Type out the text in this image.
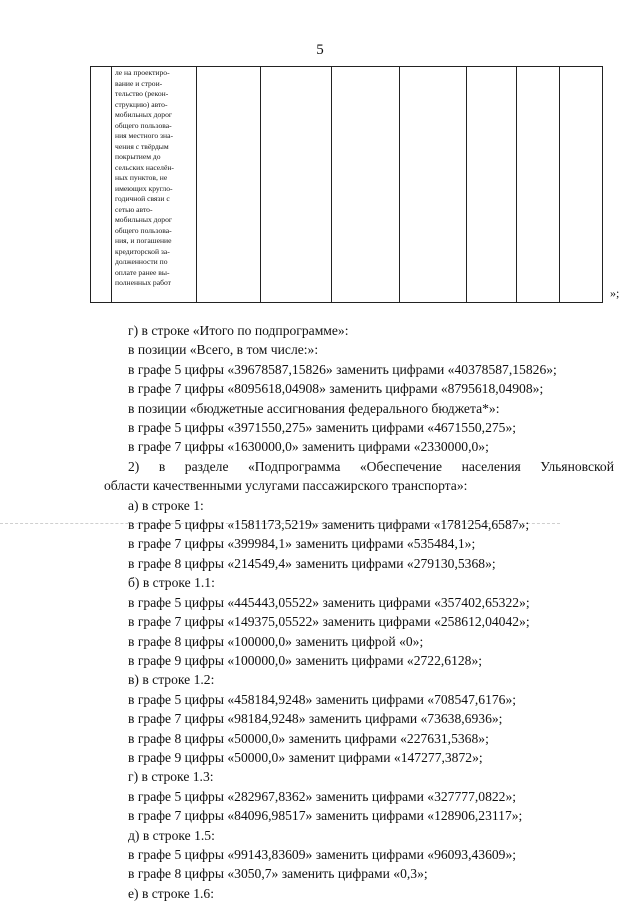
5

ле на проектиро-
вание и строи-
тельство (рекон-
струкцию) авто-
мобильных дорог
общего пользова-
ния местного зна-
чения с твёрдым
покрытием до
сельских населён-
ных пунктов, не
имеющих кругло-
годичной связи с
сетью авто-
мобильных дорог
общего пользова-
ния, и погашение
кредиторской за-
долженности по
оплате ранее вы-
полненных работ

»;
г) в строке «Итого по подпрограмме»:
в позиции «Всего, в том числе:»:
в графе 5 цифры «39678587,15826» заменить цифрами «40378587,15826»;
в графе 7 цифры «8095618,04908» заменить цифрами «8795618,04908»;
в позиции «бюджетные ассигнования федерального бюджета*»:
в графе 5 цифры «3971550,275» заменить цифрами «4671550,275»;
в графе 7 цифры «1630000,0» заменить цифрами «2330000,0»;
2) в разделе «Подпрограмма «Обеспечение населения Ульяновской
области качественными услугами пассажирского транспорта»:
а) в строке 1:
в графе 5 цифры «1581173,5219» заменить цифрами «1781254,6587»;
в графе 7 цифры «399984,1» заменить цифрами «535484,1»;
в графе 8 цифры «214549,4» заменить цифрами «279130,5368»;
б) в строке 1.1:
в графе 5 цифры «445443,05522» заменить цифрами «357402,65322»;
в графе 7 цифры «149375,05522» заменить цифрами «258612,04042»;
в графе 8 цифры «100000,0» заменить цифрой «0»;
в графе 9 цифры «100000,0» заменить цифрами «2722,6128»;
в) в строке 1.2:
в графе 5 цифры «458184,9248» заменить цифрами «708547,6176»;
в графе 7 цифры «98184,9248» заменить цифрами «73638,6936»;
в графе 8 цифры «50000,0» заменить цифрами «227631,5368»;
в графе 9 цифры «50000,0» заменит цифрами «147277,3872»;
г) в строке 1.3:
в графе 5 цифры «282967,8362» заменить цифрами «327777,0822»;
в графе 7 цифры «84096,98517» заменить цифрами «128906,23117»;
д) в строке 1.5:
в графе 5 цифры «99143,83609» заменить цифрами «96093,43609»;
в графе 8 цифры «3050,7» заменить цифрами «0,3»;
е) в строке 1.6:
